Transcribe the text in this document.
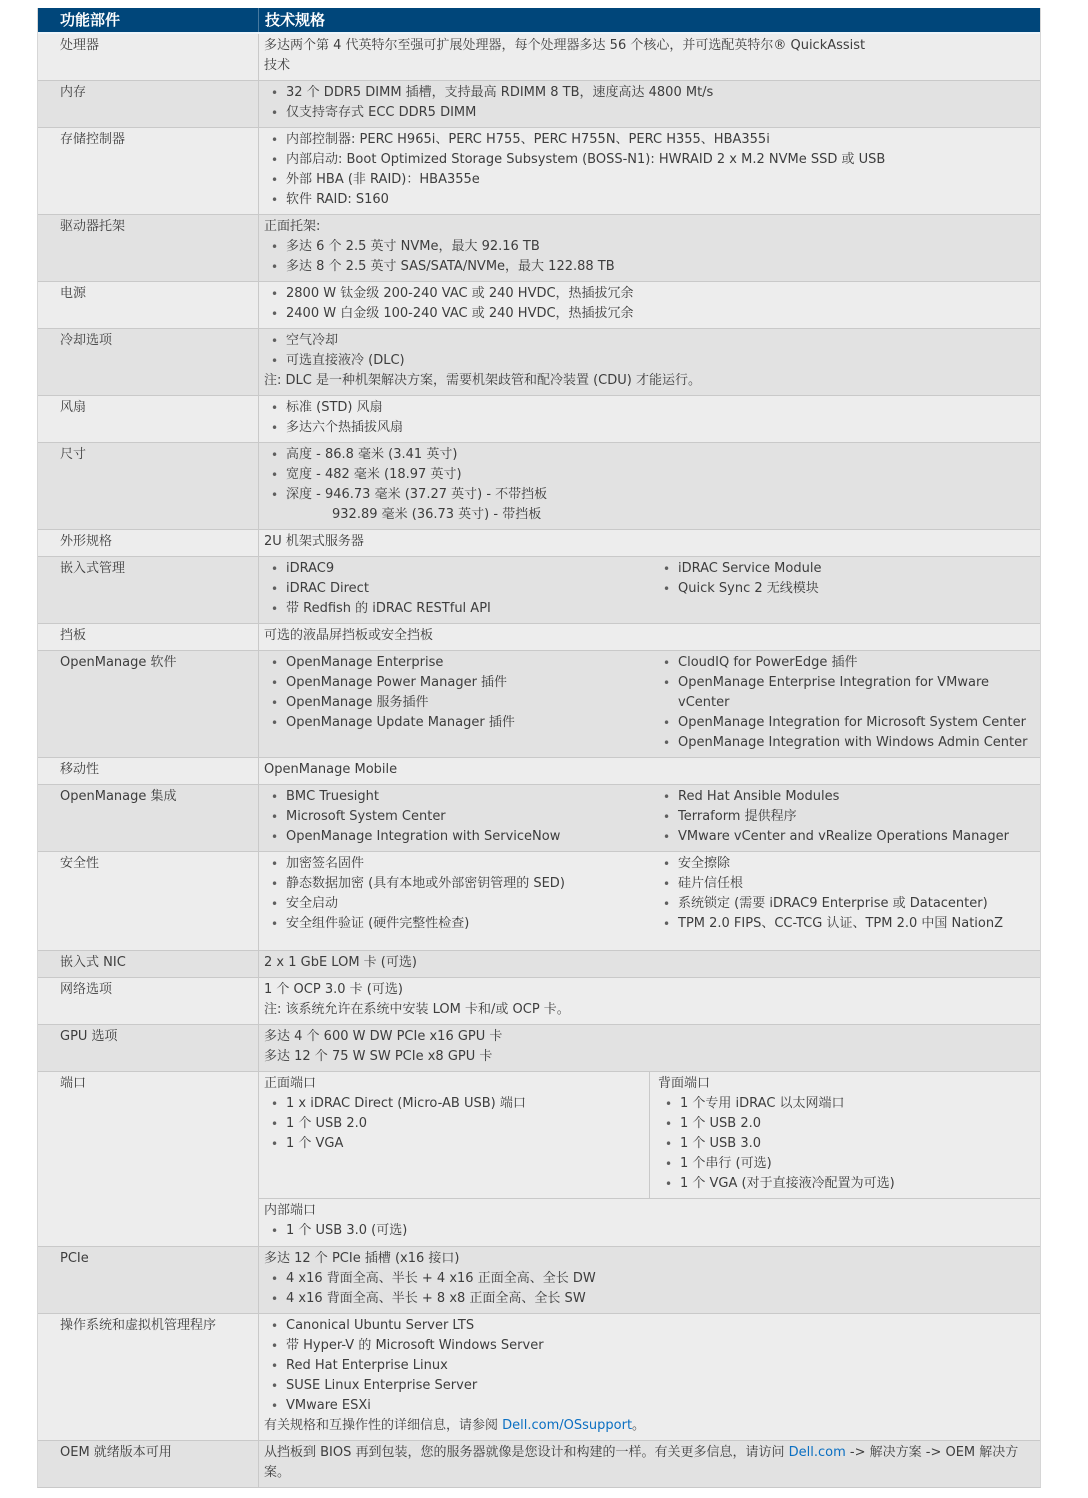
功能部件	技术规格
处理器	多达两个第 4 代英特尔至强可扩展处理器，每个处理器多达 56 个核心，并可选配英特尔® QuickAssist
技术
内存	• 32 个 DDR5 DIMM 插槽，支持最高 RDIMM 8 TB，速度高达 4800 Mt/s
• 仅支持寄存式 ECC DDR5 DIMM
存储控制器	• 内部控制器: PERC H965i、PERC H755、PERC H755N、PERC H355、HBA355i
• 内部启动: Boot Optimized Storage Subsystem (BOSS-N1): HWRAID 2 x M.2 NVMe SSD 或 USB
• 外部 HBA (非 RAID)：HBA355e
• 软件 RAID: S160
驱动器托架	正面托架:
• 多达 6 个 2.5 英寸 NVMe，最大 92.16 TB
• 多达 8 个 2.5 英寸 SAS/SATA/NVMe，最大 122.88 TB
电源	• 2800 W 钛金级 200-240 VAC 或 240 HVDC，热插拔冗余
• 2400 W 白金级 100-240 VAC 或 240 HVDC，热插拔冗余
冷却选项	• 空气冷却
• 可选直接液冷 (DLC)
注: DLC 是一种机架解决方案，需要机架歧管和配冷装置 (CDU) 才能运行。
风扇	• 标准 (STD) 风扇
• 多达六个热插拔风扇
尺寸	• 高度 - 86.8 毫米 (3.41 英寸)
• 宽度 - 482 毫米 (18.97 英寸)
• 深度 - 946.73 毫米 (37.27 英寸) - 不带挡板
932.89 毫米 (36.73 英寸) - 带挡板
外形规格	2U 机架式服务器
嵌入式管理	• iDRAC9
• iDRAC Direct
• 带 Redfish 的 iDRAC RESTful API
• iDRAC Service Module
• Quick Sync 2 无线模块
挡板	可选的液晶屏挡板或安全挡板
OpenManage 软件	• OpenManage Enterprise
• OpenManage Power Manager 插件
• OpenManage 服务插件
• OpenManage Update Manager 插件
• CloudIQ for PowerEdge 插件
• OpenManage Enterprise Integration for VMware vCenter
• OpenManage Integration for Microsoft System Center
• OpenManage Integration with Windows Admin Center
移动性	OpenManage Mobile
OpenManage 集成	• BMC Truesight
• Microsoft System Center
• OpenManage Integration with ServiceNow
• Red Hat Ansible Modules
• Terraform 提供程序
• VMware vCenter and vRealize Operations Manager
安全性	• 加密签名固件
• 静态数据加密 (具有本地或外部密钥管理的 SED)
• 安全启动
• 安全组件验证 (硬件完整性检查)
• 安全擦除
• 硅片信任根
• 系统锁定 (需要 iDRAC9 Enterprise 或 Datacenter)
• TPM 2.0 FIPS、CC-TCG 认证、TPM 2.0 中国 NationZ
嵌入式 NIC	2 x 1 GbE LOM 卡 (可选)
网络选项	1 个 OCP 3.0 卡 (可选)
注: 该系统允许在系统中安装 LOM 卡和/或 OCP 卡。
GPU 选项	多达 4 个 600 W DW PCIe x16 GPU 卡
多达 12 个 75 W SW PCIe x8 GPU 卡
端口	正面端口
• 1 x iDRAC Direct (Micro-AB USB) 端口
• 1 个 USB 2.0
• 1 个 VGA
背面端口
• 1 个专用 iDRAC 以太网端口
• 1 个 USB 2.0
• 1 个 USB 3.0
• 1 个串行 (可选)
• 1 个 VGA (对于直接液冷配置为可选)
内部端口
• 1 个 USB 3.0 (可选)
PCIe	多达 12 个 PCIe 插槽 (x16 接口)
• 4 x16 背面全高、半长 + 4 x16 正面全高、全长 DW
• 4 x16 背面全高、半长 + 8 x8 正面全高、全长 SW
操作系统和虚拟机管理程序	• Canonical Ubuntu Server LTS
• 带 Hyper-V 的 Microsoft Windows Server
• Red Hat Enterprise Linux
• SUSE Linux Enterprise Server
• VMware ESXi
有关规格和互操作性的详细信息，请参阅 Dell.com/OSsupport。
OEM 就绪版本可用	从挡板到 BIOS 再到包装，您的服务器就像是您设计和构建的一样。有关更多信息，请访问 Dell.com -> 解决方案 -> OEM 解决方案。
